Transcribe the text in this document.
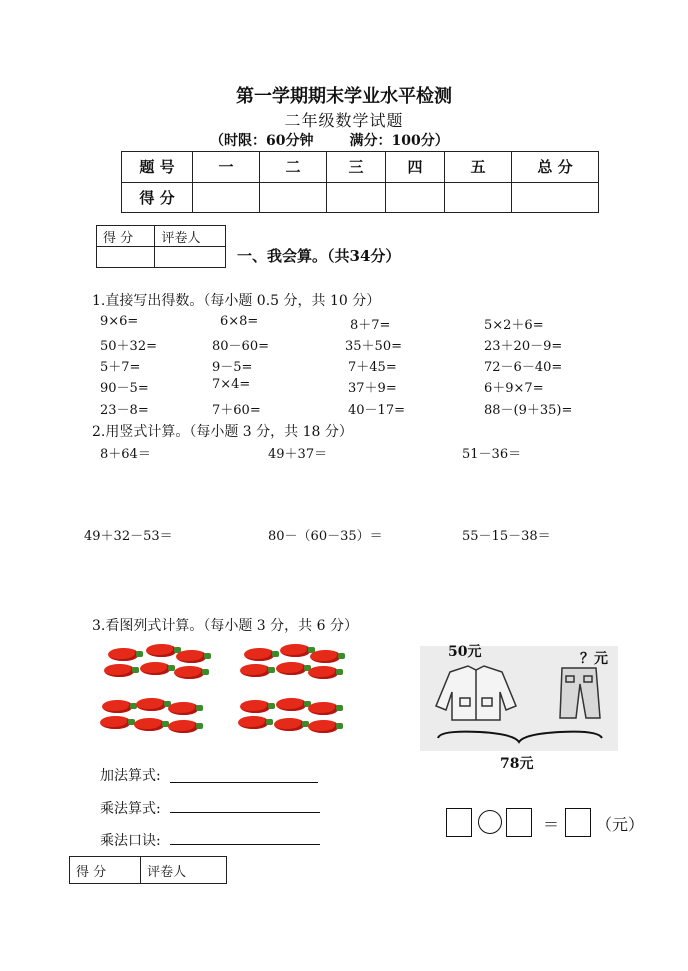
第一学期期末学业水平检测
二年级数学试题
（时限：60分钟	满分：100分）
题 号	一	二	三	四	五	总 分
得 分						
得 分	评卷人

一、我会算。（共34分）
1.直接写出得数。（每小题 0.5 分，共 10 分）
9×6=	6×8=	8＋7=	5×2＋6=
50＋32=	80－60=	35＋50=	23＋20－9=
5＋7=	9－5=	7＋45=	72－6－40=
90－5=	7×4=	37＋9=	6＋9×7=
23－8=	7＋60=	40－17=	88－(9＋35)=
2.用竖式计算。（每小题 3 分，共 18 分）
8＋64＝	49＋37＝	51－36＝
49＋32－53＝	80－（60－35）＝	55－15－38＝
3.看图列式计算。（每小题 3 分，共 6 分）
50元	？元
78元
加法算式:
乘法算式:
乘法口诀:
＝ （元）
得 分	评卷人
